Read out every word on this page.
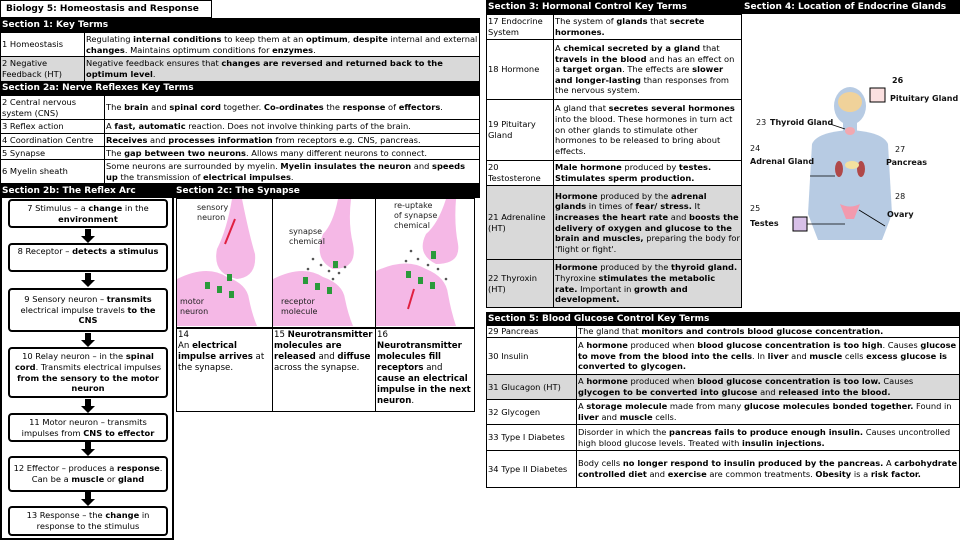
Biology 5: Homeostasis and Response
Section 1: Key Terms
1 Homeostasis	Regulating internal conditions to keep them at an optimum, despite internal and external changes. Maintains optimum conditions for enzymes.
2 Negative Feedback (HT)	Negative feedback ensures that changes are reversed and returned back to the optimum level.
Section 2a: Nerve Reflexes Key Terms
2 Central nervous system (CNS)	The brain and spinal cord together. Co-ordinates the response of effectors.
3 Reflex action	A fast, automatic reaction. Does not involve thinking parts of the brain.
4 Coordination Centre	Receives and processes information from receptors e.g. CNS, pancreas.
5 Synapse	The gap between two neurons. Allows many different neurons to connect.
6 Myelin sheath	Some neurons are surrounded by myelin. Myelin insulates the neuron and speeds up the transmission of electrical impulses.
Section 2b: The Reflex Arc
7 Stimulus – a change in the environment
8 Receptor – detects a stimulus
9 Sensory neuron – transmits electrical impulse travels to the CNS
10 Relay neuron – in the spinal cord. Transmits electrical impulses from the sensory to the motor neuron
11 Motor neuron – transmits impulses from CNS to effector
12 Effector – produces a response. Can be a muscle or gland
13 Response – the change in response to the stimulus
Section 2c: The Synapse
sensory neuron
motor neuron
synapse chemical
receptor molecule
re-uptake of synapse chemical
14
An electrical impulse arrives at the synapse.
15 Neurotransmitter molecules are released and diffuse across the synapse.
16
Neurotransmitter molecules fill receptors and cause an electrical impulse in the next neuron.
Section 3: Hormonal Control Key Terms
17 Endocrine System	The system of glands that secrete hormones.
18 Hormone	A chemical secreted by a gland that travels in the blood and has an effect on a target organ. The effects are slower and longer-lasting than responses from the nervous system.
19 Pituitary Gland	A gland that secretes several hormones into the blood. These hormones in turn act on other glands to stimulate other hormones to be released to bring about effects.
20 Testosterone	Male hormone produced by testes. Stimulates sperm production.
21 Adrenaline (HT)	Hormone produced by the adrenal glands in times of fear/ stress. It increases the heart rate and boosts the delivery of oxygen and glucose to the brain and muscles, preparing the body for 'flight or fight'.
22 Thyroxin (HT)	Hormone produced by the thyroid gland. Thyroxine stimulates the metabolic rate. Important in growth and development.
Section 4: Location of Endocrine Glands
26
Pituitary Gland
23 Thyroid Gland
24
Adrenal Gland
27
Pancreas
28
Ovary
25
Testes
Section 5: Blood Glucose Control Key Terms
29 Pancreas	The gland that monitors and controls blood glucose concentration.
30 Insulin	A hormone produced when blood glucose concentration is too high. Causes glucose to move from the blood into the cells. In liver and muscle cells excess glucose is converted to glycogen.
31 Glucagon (HT)	A hormone produced when blood glucose concentration is too low. Causes glycogen to be converted into glucose and released into the blood.
32 Glycogen	A storage molecule made from many glucose molecules bonded together. Found in liver and muscle cells.
33 Type I Diabetes	Disorder in which the pancreas fails to produce enough insulin. Causes uncontrolled high blood glucose levels. Treated with insulin injections.
34 Type II Diabetes	Body cells no longer respond to insulin produced by the pancreas. A carbohydrate controlled diet and exercise are common treatments. Obesity is a risk factor.
